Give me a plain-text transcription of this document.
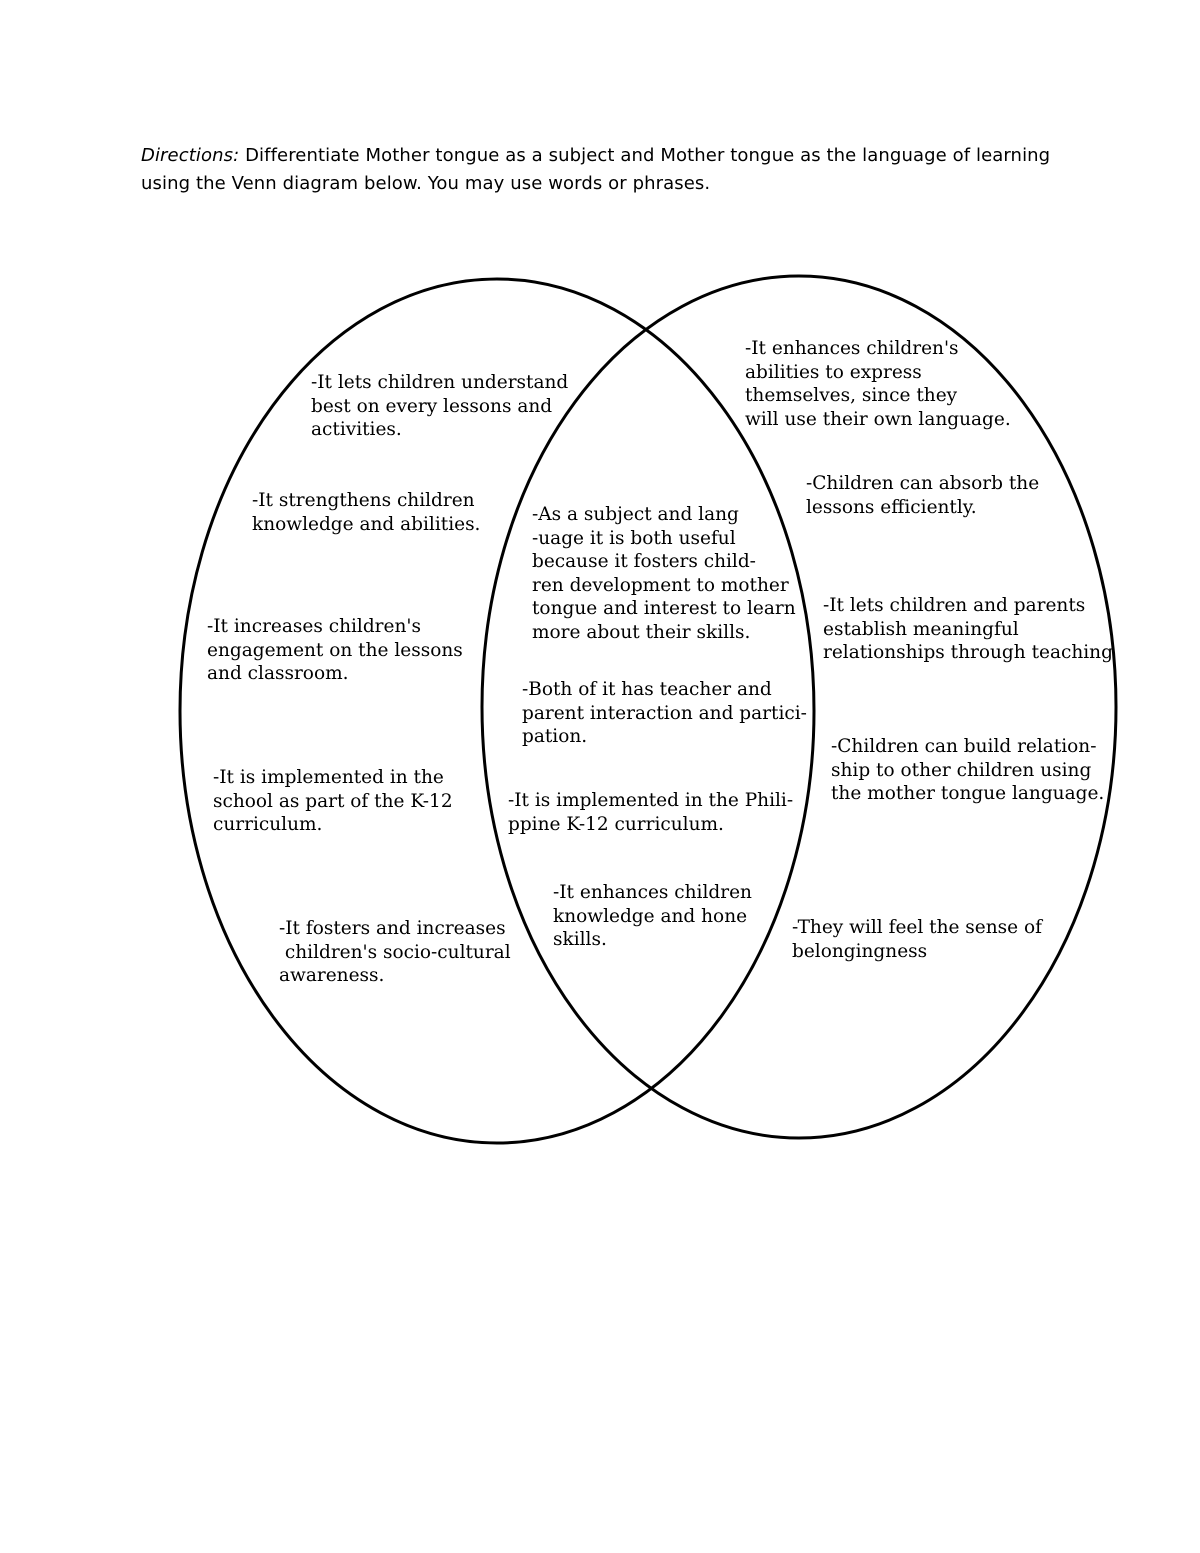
Directions: Differentiate Mother tongue as a subject and Mother tongue as the language of learning using the Venn diagram below. You may use words or phrases.
-It lets children understand
best on every lessons and
activities.
-It strengthens children
knowledge and abilities.
-It increases children's
engagement on the lessons
and classroom.
-It is implemented in the
school as part of the K-12
curriculum.
-It fosters and increases
children's socio-cultural
awareness.
-As a subject and lang
-uage it is both useful
because it fosters child-
ren development to mother
tongue and interest to learn
more about their skills.
-Both of it has teacher and
parent interaction and partici-
pation.
-It is implemented in the Phili-
ppine K-12 curriculum.
-It enhances children
knowledge and hone
skills.
-It enhances children's
abilities to express
themselves, since they
will use their own language.
-Children can absorb the
lessons efficiently.
-It lets children and parents
establish meaningful
relationships through teaching
-Children can build relation-
ship to other children using
the mother tongue language.
-They will feel the sense of
belongingness
